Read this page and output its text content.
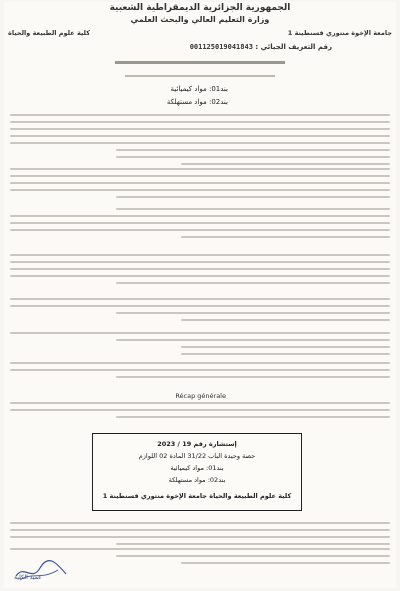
الجمهورية الجزائرية الديمقراطية الشعبية
وزارة التعليم العالي والبحث العلمي
جامعة الإخوة منتوري قسنطينة 1
كلية علوم الطبيعة والحياة
رقم التعريف الجبائي : 001125019041843
بند01: مواد كيميائية
بند02: مواد مستهلكة
Récap générale
إستشارة رقم 19 / 2023
حصة وحيدة الباب 31/22 المادة 02 اللوازم
بند01: مواد كيميائية
بند02: مواد مستهلكة
كلية علوم الطبيعة والحياة جامعة الإخوة منتوري قسنطينة 1
عميد الكلية
